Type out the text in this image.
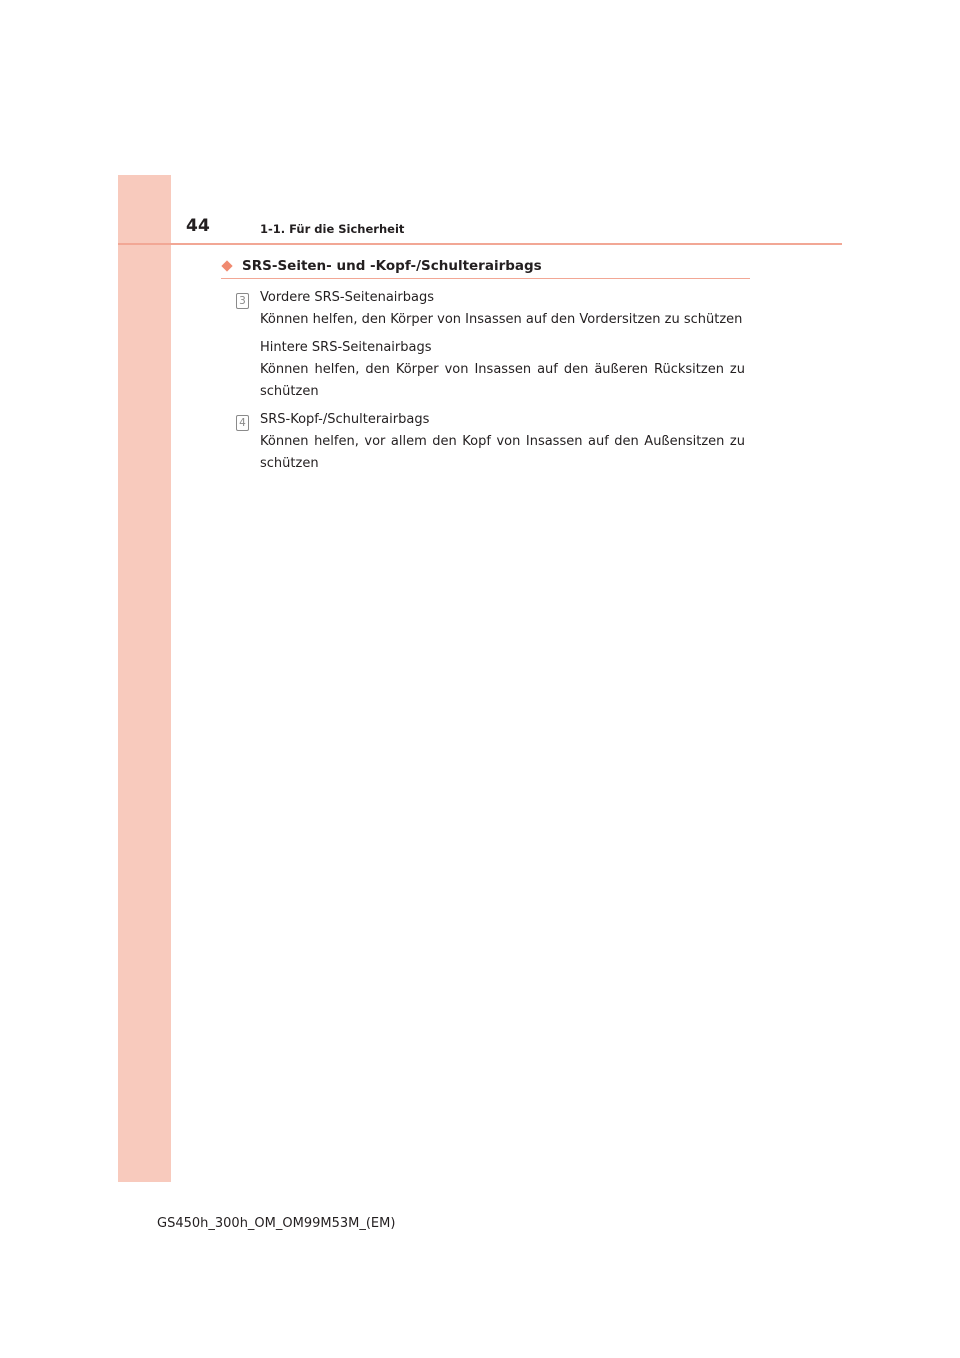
44	1-1. Für die Sicherheit
SRS-Seiten- und -Kopf-/Schulterairbags
3	Vordere SRS-Seitenairbags

Können helfen, den Körper von Insassen auf den Vordersitzen zu schützen

Hintere SRS-Seitenairbags

Können helfen, den Körper von Insassen auf den äußeren Rücksitzen zu schützen

4	SRS-Kopf-/Schulterairbags

Können helfen, vor allem den Kopf von Insassen auf den Außensitzen zu schützen

GS450h_300h_OM_OM99M53M_(EM)
